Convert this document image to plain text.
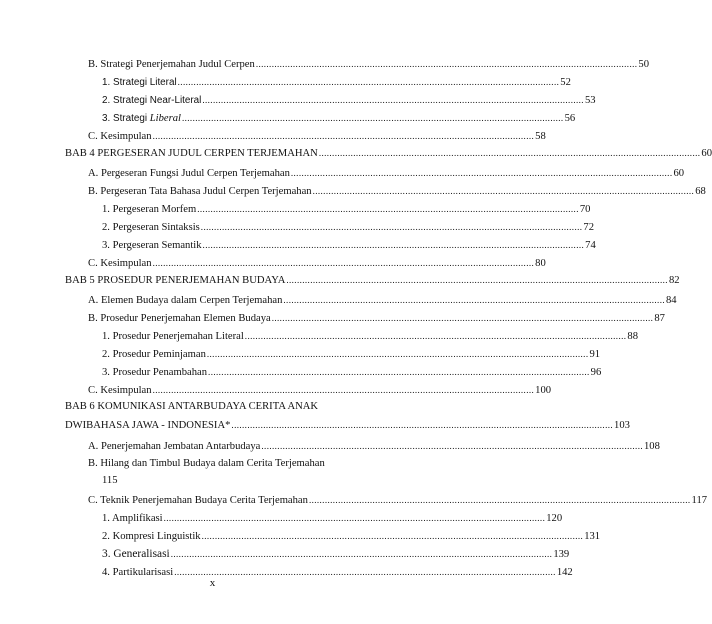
B. Strategi Penerjemahan Judul Cerpen ................................................................................................................................................ 50
1. Strategi Literal ................................................................................................................................................ 52
2. Strategi Near-Literal ................................................................................................................................................ 53
3. Strategi Liberal ................................................................................................................................................ 56
C. Kesimpulan ................................................................................................................................................ 58
BAB 4 PERGESERAN JUDUL CERPEN TERJEMAHAN ................................................................................................................................................ 60
A. Pergeseran Fungsi Judul Cerpen Terjemahan ................................................................................................................................................ 60
B. Pergeseran Tata Bahasa Judul Cerpen Terjemahan ................................................................................................................................................ 68
1. Pergeseran Morfem ................................................................................................................................................ 70
2. Pergeseran Sintaksis ................................................................................................................................................ 72
3. Pergeseran Semantik ................................................................................................................................................ 74
C. Kesimpulan ................................................................................................................................................ 80
BAB 5 PROSEDUR PENERJEMAHAN BUDAYA ................................................................................................................................................ 82
A. Elemen Budaya dalam Cerpen Terjemahan ................................................................................................................................................ 84
B. Prosedur Penerjemahan Elemen Budaya ................................................................................................................................................ 87
1. Prosedur Penerjemahan Literal ................................................................................................................................................ 88
2. Prosedur Peminjaman ................................................................................................................................................ 91
3. Prosedur Penambahan ................................................................................................................................................ 96
C. Kesimpulan ................................................................................................................................................ 100
BAB 6 KOMUNIKASI ANTARBUDAYA CERITA ANAK
DWIBAHASA JAWA - INDONESIA* ................................................................................................................................................ 103
A. Penerjemahan Jembatan Antarbudaya ................................................................................................................................................ 108
B. Hilang dan Timbul Budaya dalam Cerita Terjemahan
115
C. Teknik Penerjemahan Budaya Cerita Terjemahan ................................................................................................................................................ 117
1. Amplifikasi ................................................................................................................................................ 120
2. Kompresi Linguistik ................................................................................................................................................ 131
3. Generalisasi ................................................................................................................................................ 139
4. Partikularisasi ................................................................................................................................................ 142
x
